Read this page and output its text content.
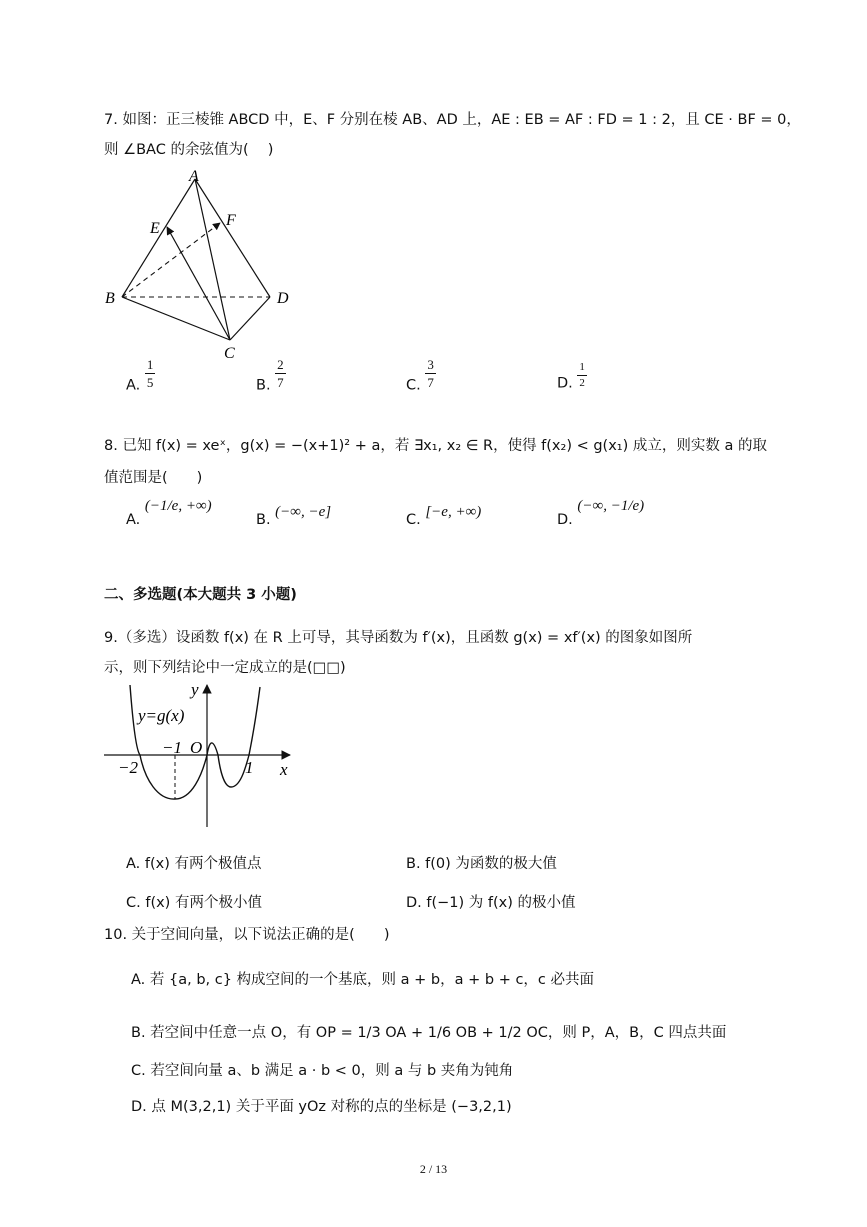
7. 如图：正三棱锥 ABCD 中，E、F 分别在棱 AB、AD 上，AE : EB = AF : FD = 1 : 2，且 CE · BF = 0，
则 ∠BAC 的余弦值为(　 )
A
B
C
D
E	F
A. $\frac{1}{5}$	B. $\frac{2}{7}$	C. $\frac{3}{7}$	D. $\frac{1}{2}$
8. 已知 f(x) = xeˣ，g(x) = −(x+1)² + a，若 ∃x₁, x₂ ∈ R，使得 f(x₂) < g(x₁) 成立，则实数 a 的取
值范围是(　　)
A. (−1/e, +∞)
B. (−∞, −e]	C. [−e, +∞)	D. (−∞, −1/e)
二、多选题(本大题共 3 小题)
9.（多选）设函数 f(x) 在 R 上可导，其导函数为 f′(x)，且函数 g(x) = xf′(x) 的图象如图所
示，则下列结论中一定成立的是(□□)
y
x
y=g(x)
O
−1
−2	1
A. f(x) 有两个极值点	B. f(0) 为函数的极大值
C. f(x) 有两个极小值	D. f(−1) 为 f(x) 的极小值
10. 关于空间向量，以下说法正确的是(　　)
A. 若 {a, b, c} 构成空间的一个基底，则 a + b，a + b + c，c 必共面
B. 若空间中任意一点 O，有 OP = 1/3 OA + 1/6 OB + 1/2 OC，则 P，A，B，C 四点共面
C. 若空间向量 a、b 满足 a · b < 0，则 a 与 b 夹角为钝角
D. 点 M(3,2,1) 关于平面 yOz 对称的点的坐标是 (−3,2,1)
2 / 13
